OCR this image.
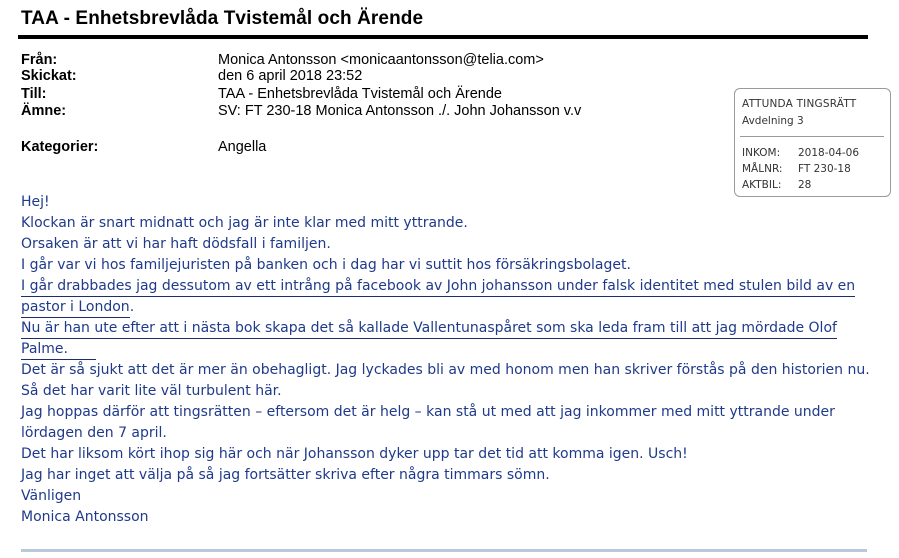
TAA - Enhetsbrevlåda Tvistemål och Ärende
Från:	Monica Antonsson <monicaantonsson@telia.com>
Skickat:	den 6 april 2018 23:52
Till:	TAA - Enhetsbrevlåda Tvistemål och Ärende
Ämne:	SV: FT 230-18 Monica Antonsson ./. John Johansson v.v
Kategorier:	Angella
ATTUNDA TINGSRÄTT
Avdelning 3
INKOM: 2018-04-06
MÅLNR: FT 230-18
AKTBIL: 28
Hej!
Klockan är snart midnatt och jag är inte klar med mitt yttrande.
Orsaken är att vi har haft dödsfall i familjen.
I går var vi hos familjejuristen på banken och i dag har vi suttit hos försäkringsbolaget.
I går drabbades jag dessutom av ett intrång på facebook av John johansson under falsk identitet med stulen bild av en
pastor i London.
Nu är han ute efter att i nästa bok skapa det så kallade Vallentunaspåret som ska leda fram till att jag mördade Olof
Palme.
Det är så sjukt att det är mer än obehagligt. Jag lyckades bli av med honom men han skriver förstås på den historien nu.
Så det har varit lite väl turbulent här.
Jag hoppas därför att tingsrätten – eftersom det är helg – kan stå ut med att jag inkommer med mitt yttrande under
lördagen den 7 april.
Det har liksom kört ihop sig här och när Johansson dyker upp tar det tid att komma igen. Usch!
Jag har inget att välja på så jag fortsätter skriva efter några timmars sömn.
Vänligen
Monica Antonsson
